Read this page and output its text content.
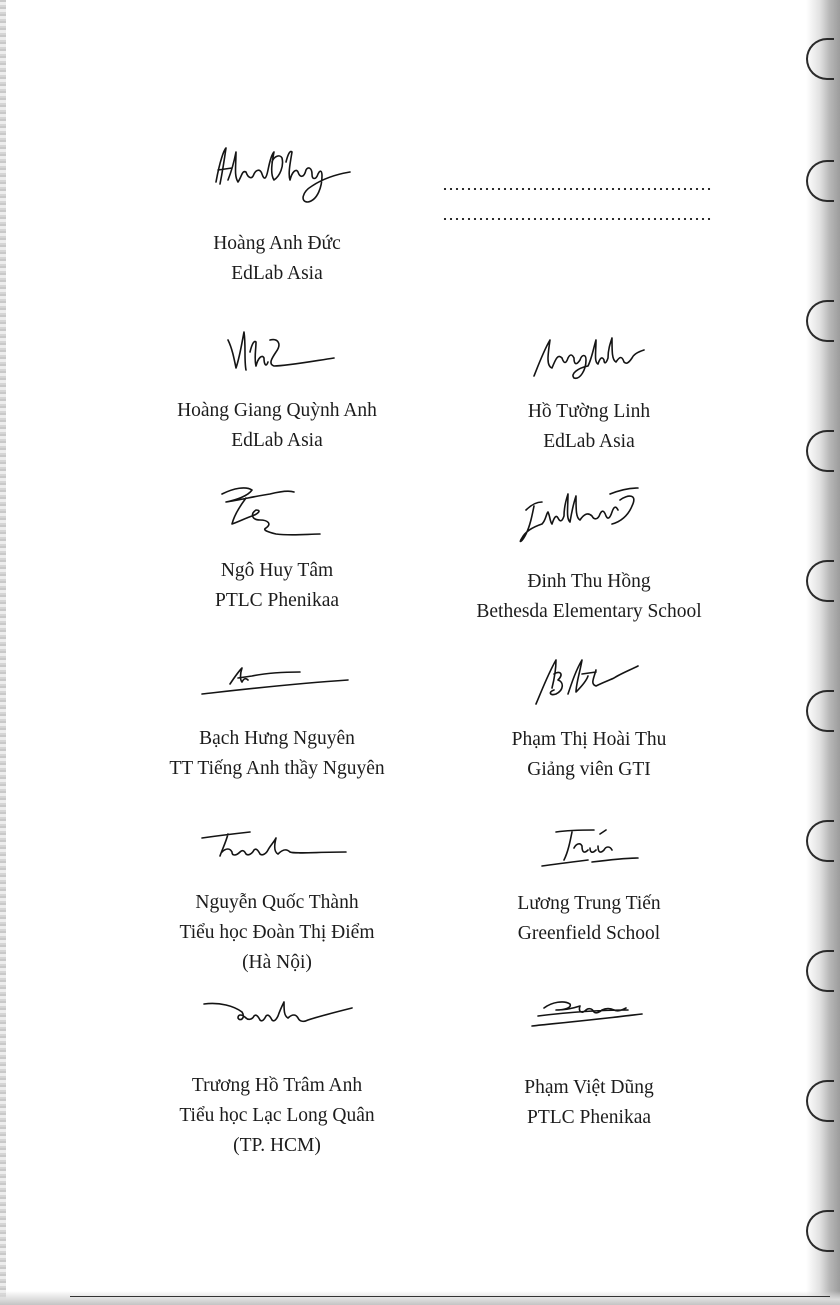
Hoàng Anh Đức
EdLab Asia
Hoàng Giang Quỳnh Anh
EdLab Asia
Hồ Tường Linh
EdLab Asia
Ngô Huy Tâm
PTLC Phenikaa
Đinh Thu Hồng
Bethesda Elementary School
Bạch Hưng Nguyên
TT Tiếng Anh thầy Nguyên
Phạm Thị Hoài Thu
Giảng viên GTI
Nguyễn Quốc Thành
Tiểu học Đoàn Thị Điểm
(Hà Nội)
Lương Trung Tiến
Greenfield School
Trương Hồ Trâm Anh
Tiểu học Lạc Long Quân
(TP. HCM)
Phạm Việt Dũng
PTLC Phenikaa
